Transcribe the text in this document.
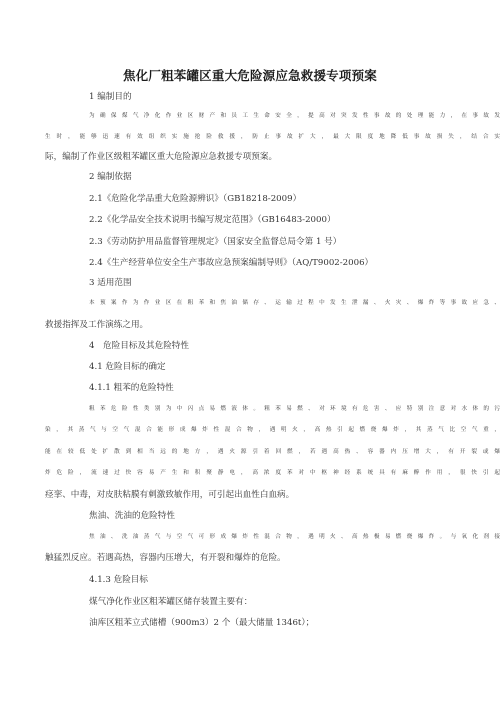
焦化厂粗苯罐区重大危险源应急救援专项预案
1 编制目的
为确保煤气净化作业区财产和员工生命安全，提高对突发性事故的处理能力，在事故发
生时，能够迅速有效组织实施抢险救援，防止事故扩大，最大限度地降低事故损失，结合实
际，编制了作业区级粗苯罐区重大危险源应急救援专项预案。
2 编制依据
2.1《危险化学品重大危险源辨识》（GB18218-2009）
2.2《化学品安全技术说明书编写规定范围》（GB16483-2000）
2.3《劳动防护用品监督管理规定》（国家安全监督总局令第 1 号）
2.4《生产经营单位安全生产事故应急预案编制导则》（AQ/T9002-2006）
3 适用范围
本预案作为作业区在粗苯和焦油储存、运输过程中发生泄漏、火灾、爆炸等事故应急、
救援指挥及工作演练之用。
4　危险目标及其危险特性
4.1 危险目标的确定
4.1.1 粗苯的危险特性
粗苯危险性类别为中闪点易燃液体。粗苯易燃、对环境有危害、应特别注意对水体的污
染，其蒸气与空气混合能形成爆炸性混合物，遇明火，高热引起燃烧爆炸，其蒸气比空气重，
能在较低处扩散到相当远的地方，遇火源引着回燃，若遇高热、容器内压增大，有开裂或爆
炸危险，流速过快容易产生和积聚静电，高浓度苯对中枢神经系统具有麻醉作用，很快引起
痉挛、中毒，对皮肤粘膜有刺激致敏作用，可引起出血性白血病。
焦油、洗油的危险特性
焦油、洗油蒸气与空气可形成爆炸性混合物，遇明火、高热极易燃烧爆炸。与氧化剂接
触猛烈反应。若遇高热，容器内压增大，有开裂和爆炸的危险。
4.1.3 危险目标
煤气净化作业区粗苯罐区储存装置主要有：
油库区粗苯立式储槽（900m3）2 个（最大储量 1346t）；
